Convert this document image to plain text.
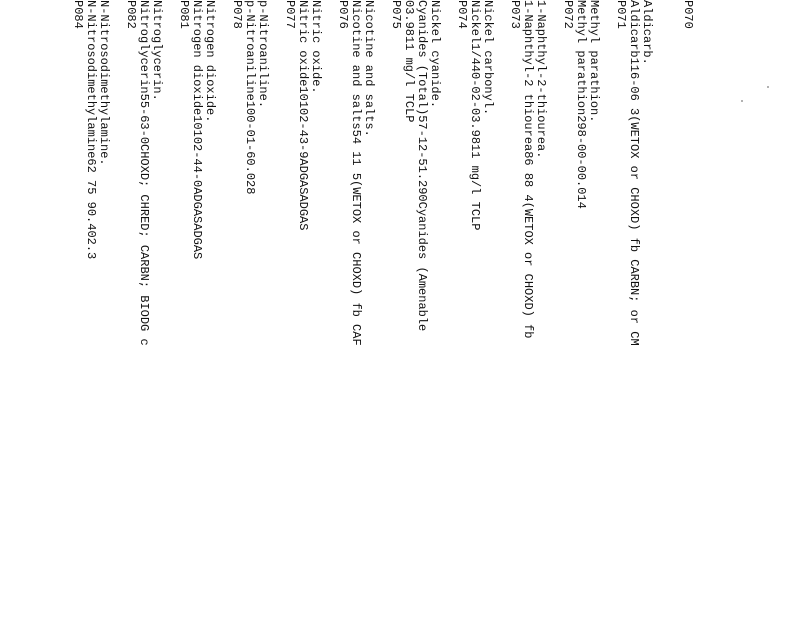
P070
Aldicarb.
Aldicarb116-06 3(WETOX or CHOXD) fb CARBN; or CM
P071
Methyl parathion.
Methyl parathion298-00-00.014
P072
1-Naphthyl-2-thiourea.
1-Naphthyl-2 thiourea86 88 4(WETOX or CHOXD) fb
P073
Nickel carbonyl.
Nickel1/440-02-03.9811 mg/l TCLP
P074
Nickel cyanide.
Cyanides (Total)57-12-51.290Cyanides (Amenable
03.9811 mg/l TCLP
P075
Nicotine and salts.
Nicotine and salts54 11 5(WETOX or CHOXD) fb CAF
P076
Nitric oxide.
Nitric oxide10102-43-9ADGASADGAS
P077
p-Nitroaniline.
p-Nitroaniline100-01-60.028
P078
Nitrogen dioxide.
Nitrogen dioxide10102-44-0ADGASADGAS
P081
Nitroglycerin.
Nitroglycerin55-63-0CHOXD; CHRED; CARBN; BIODG c
P082
N-Nitrosodimethylamine.
N-Nitrosodimethylamine62 75 90.402.3
P084
